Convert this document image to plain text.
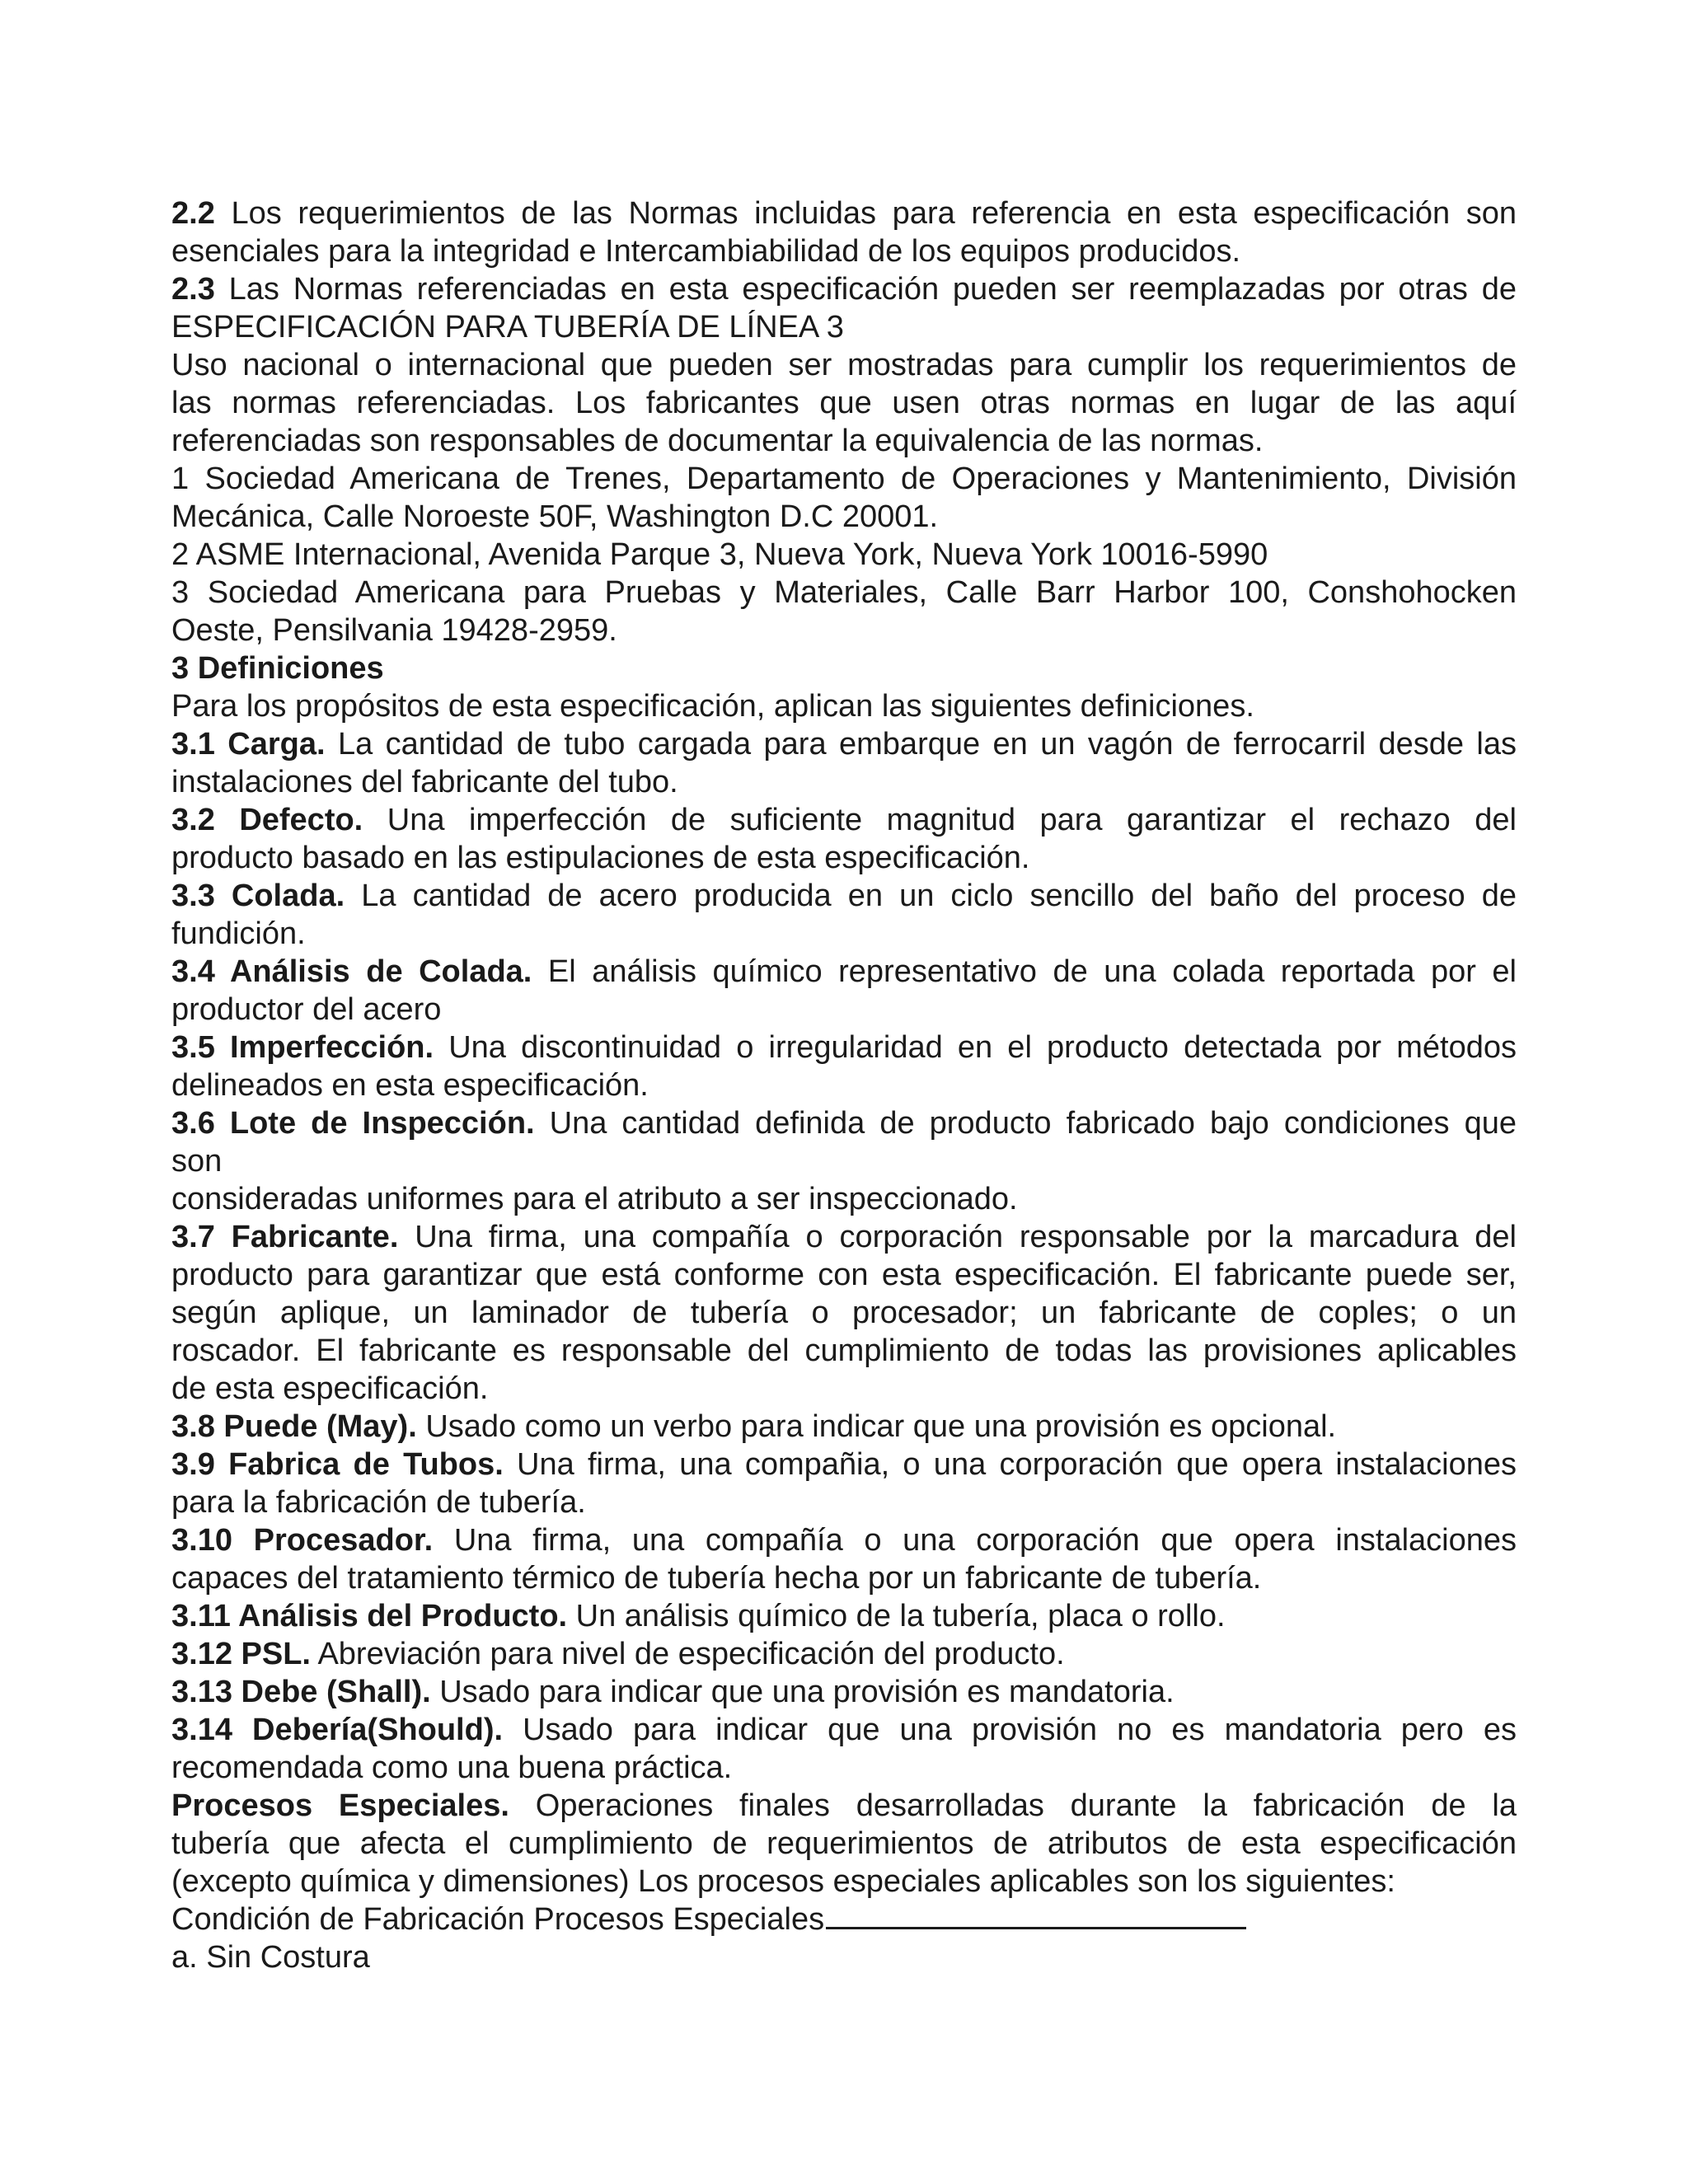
2.2 Los requerimientos de las Normas incluidas para referencia en esta especificación son

esenciales para la integridad e Intercambiabilidad de los equipos producidos.

2.3 Las Normas referenciadas en esta especificación pueden ser reemplazadas por otras de

ESPECIFICACIÓN PARA TUBERÍA DE LÍNEA 3

Uso nacional o internacional que pueden ser mostradas para cumplir los requerimientos de

las normas referenciadas. Los fabricantes que usen otras normas en lugar de las aquí

referenciadas son responsables de documentar la equivalencia de las normas.

1 Sociedad Americana de Trenes, Departamento de Operaciones y Mantenimiento, División

Mecánica, Calle Noroeste 50F, Washington D.C 20001.

2 ASME Internacional, Avenida Parque 3, Nueva York, Nueva York 10016-5990

3 Sociedad Americana para Pruebas y Materiales, Calle Barr Harbor 100, Conshohocken

Oeste, Pensilvania 19428-2959.

3 Definiciones

Para los propósitos de esta especificación, aplican las siguientes definiciones.

3.1 Carga. La cantidad de tubo cargada para embarque en un vagón de ferrocarril desde las

instalaciones del fabricante del tubo.

3.2 Defecto. Una imperfección de suficiente magnitud para garantizar el rechazo del

producto basado en las estipulaciones de esta especificación.

3.3 Colada. La cantidad de acero producida en un ciclo sencillo del baño del proceso de

fundición.

3.4 Análisis de Colada. El análisis químico representativo de una colada reportada por el

productor del acero

3.5 Imperfección. Una discontinuidad o irregularidad en el producto detectada por métodos

delineados en esta especificación.

3.6 Lote de Inspección. Una cantidad definida de producto fabricado bajo condiciones que

son

consideradas uniformes para el atributo a ser inspeccionado.

3.7 Fabricante. Una firma, una compañía o corporación responsable por la marcadura del

producto para garantizar que está conforme con esta especificación. El fabricante puede ser,

según aplique, un laminador de tubería o procesador; un fabricante de coples; o un

roscador. El fabricante es responsable del cumplimiento de todas las provisiones aplicables

de esta especificación.

3.8 Puede (May). Usado como un verbo para indicar que una provisión es opcional.

3.9 Fabrica de Tubos. Una firma, una compañia, o una corporación que opera instalaciones

para la fabricación de tubería.

3.10 Procesador. Una firma, una compañía o una corporación que opera instalaciones

capaces del tratamiento térmico de tubería hecha por un fabricante de tubería.

3.11 Análisis del Producto. Un análisis químico de la tubería, placa o rollo.

3.12 PSL. Abreviación para nivel de especificación del producto.

3.13 Debe (Shall). Usado para indicar que una provisión es mandatoria.

3.14 Debería(Should). Usado para indicar que una provisión no es mandatoria pero es

recomendada como una buena práctica.

Procesos Especiales. Operaciones finales desarrolladas durante la fabricación de la

tubería que afecta el cumplimiento de requerimientos de atributos de esta especificación

(excepto química y dimensiones) Los procesos especiales aplicables son los siguientes:

Condición de Fabricación Procesos Especiales

a. Sin Costura
